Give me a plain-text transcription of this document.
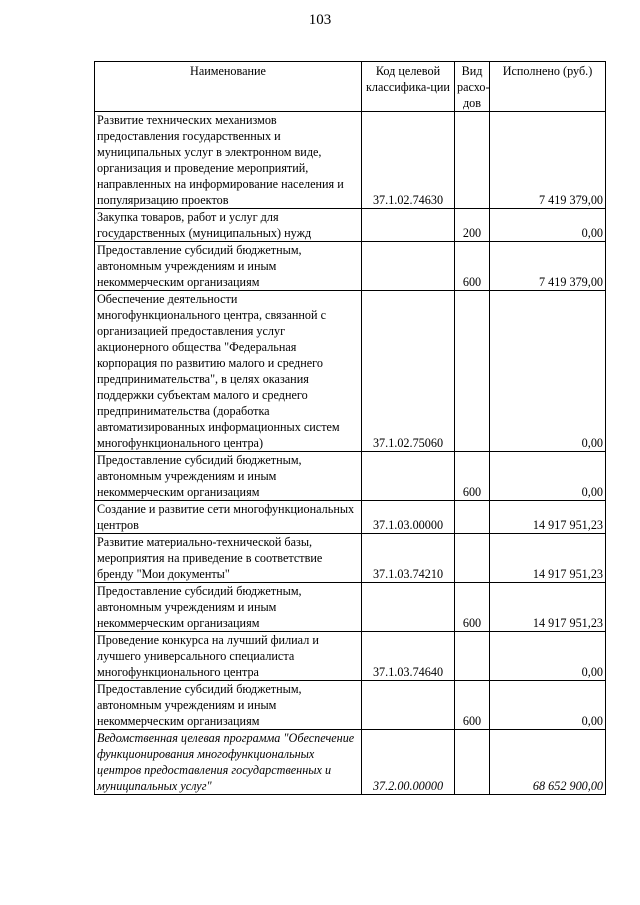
103
Наименование	Код целевой классифика-ции	Вид расхо-дов	Исполнено (руб.)
Развитие технических механизмов предоставления государственных и муниципальных услуг в электронном виде, организация и проведение мероприятий, направленных на информирование населения и популяризацию проектов	37.1.02.74630		7 419 379,00
Закупка товаров, работ и услуг для государственных (муниципальных) нужд		200	0,00
Предоставление субсидий бюджетным, автономным учреждениям и иным некоммерческим организациям		600	7 419 379,00
Обеспечение деятельности многофункционального центра, связанной с организацией предоставления услуг акционерного общества "Федеральная корпорация по развитию малого и среднего предпринимательства", в целях оказания поддержки субъектам малого и среднего предпринимательства (доработка автоматизированных информационных систем многофункционального центра)	37.1.02.75060		0,00
Предоставление субсидий бюджетным, автономным учреждениям и иным некоммерческим организациям		600	0,00
Создание и развитие сети многофункциональных центров	37.1.03.00000		14 917 951,23
Развитие материально-технической базы, мероприятия на приведение в соответствие бренду "Мои документы"	37.1.03.74210		14 917 951,23
Предоставление субсидий бюджетным, автономным учреждениям и иным некоммерческим организациям		600	14 917 951,23
Проведение конкурса на лучший филиал и лучшего универсального специалиста многофункционального центра	37.1.03.74640		0,00
Предоставление субсидий бюджетным, автономным учреждениям и иным некоммерческим организациям		600	0,00
Ведомственная целевая программа "Обеспечение функционирования многофункциональных центров предоставления государственных и муниципальных услуг"	37.2.00.00000		68 652 900,00
